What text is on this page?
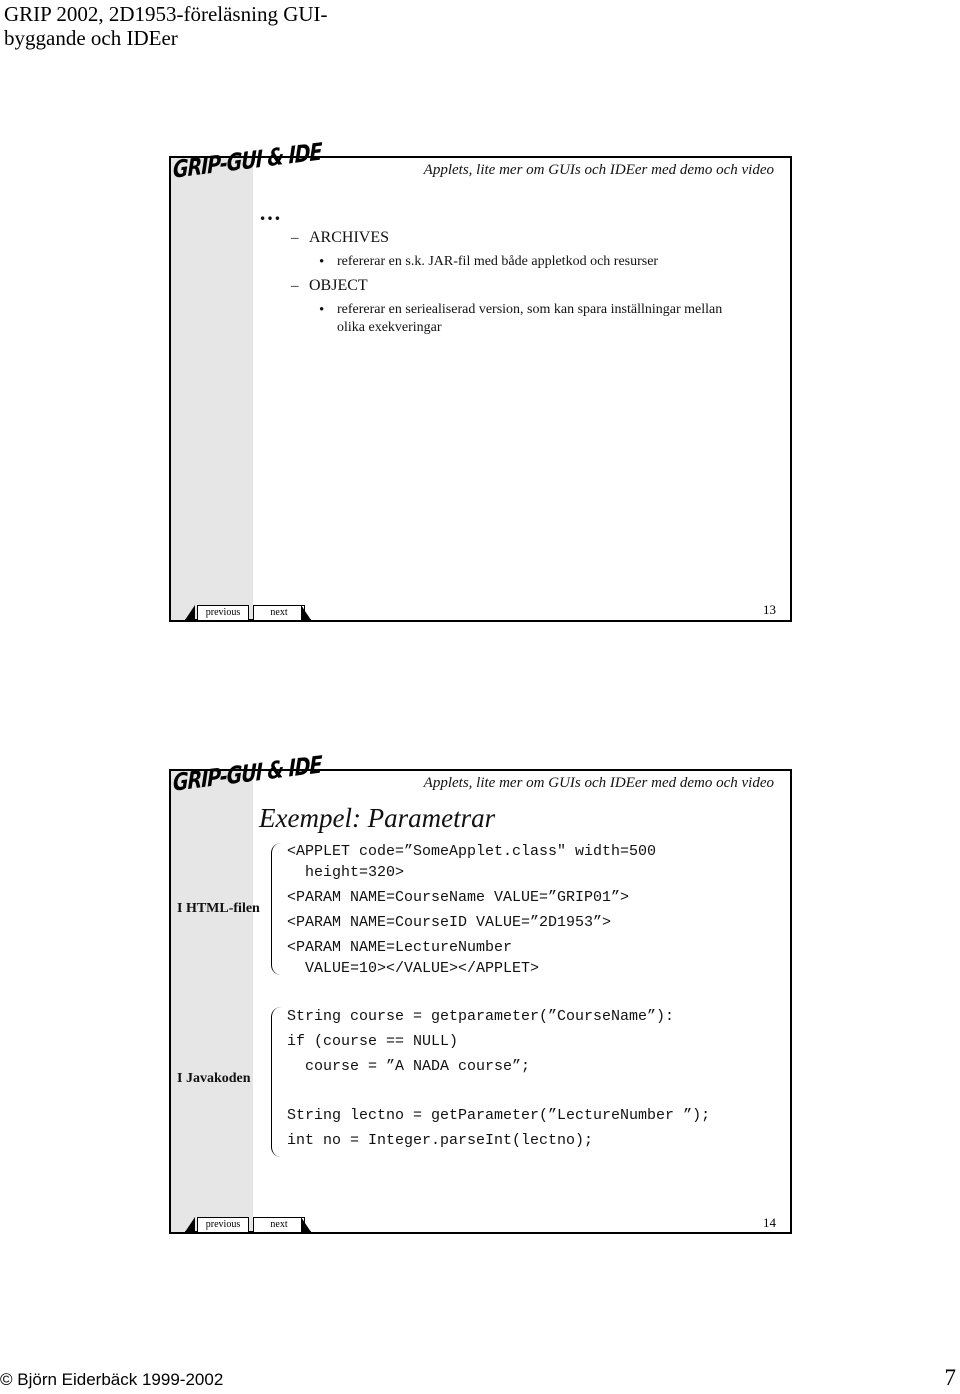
GRIP 2002, 2D1953-föreläsning GUI-
byggande och IDEer
GRIP-GUI & IDE	Applets, lite mer om GUIs och IDEer med demo och video
…
– ARCHIVES
• refererar en s.k. JAR-fil med både appletkod och resurser
– OBJECT
• refererar en seriealiserad version, som kan spara inställningar mellan
olika exekveringar
previous	next	13
GRIP-GUI & IDE	Applets, lite mer om GUIs och IDEer med demo och video
Exempel: Parametrar
I HTML-filen
<APPLET code=”SomeApplet.class" width=500
height=320>
<PARAM NAME=CourseName VALUE=”GRIP01”>
<PARAM NAME=CourseID VALUE=”2D1953”>
<PARAM NAME=LectureNumber
VALUE=10></VALUE></APPLET>
I Javakoden
String course = getparameter(”CourseName”):
if (course == NULL)
course = ”A NADA course”;
String lectno = getParameter(”LectureNumber ”);
int no = Integer.parseInt(lectno);
previous	next	14
© Björn Eiderbäck 1999-2002	7
